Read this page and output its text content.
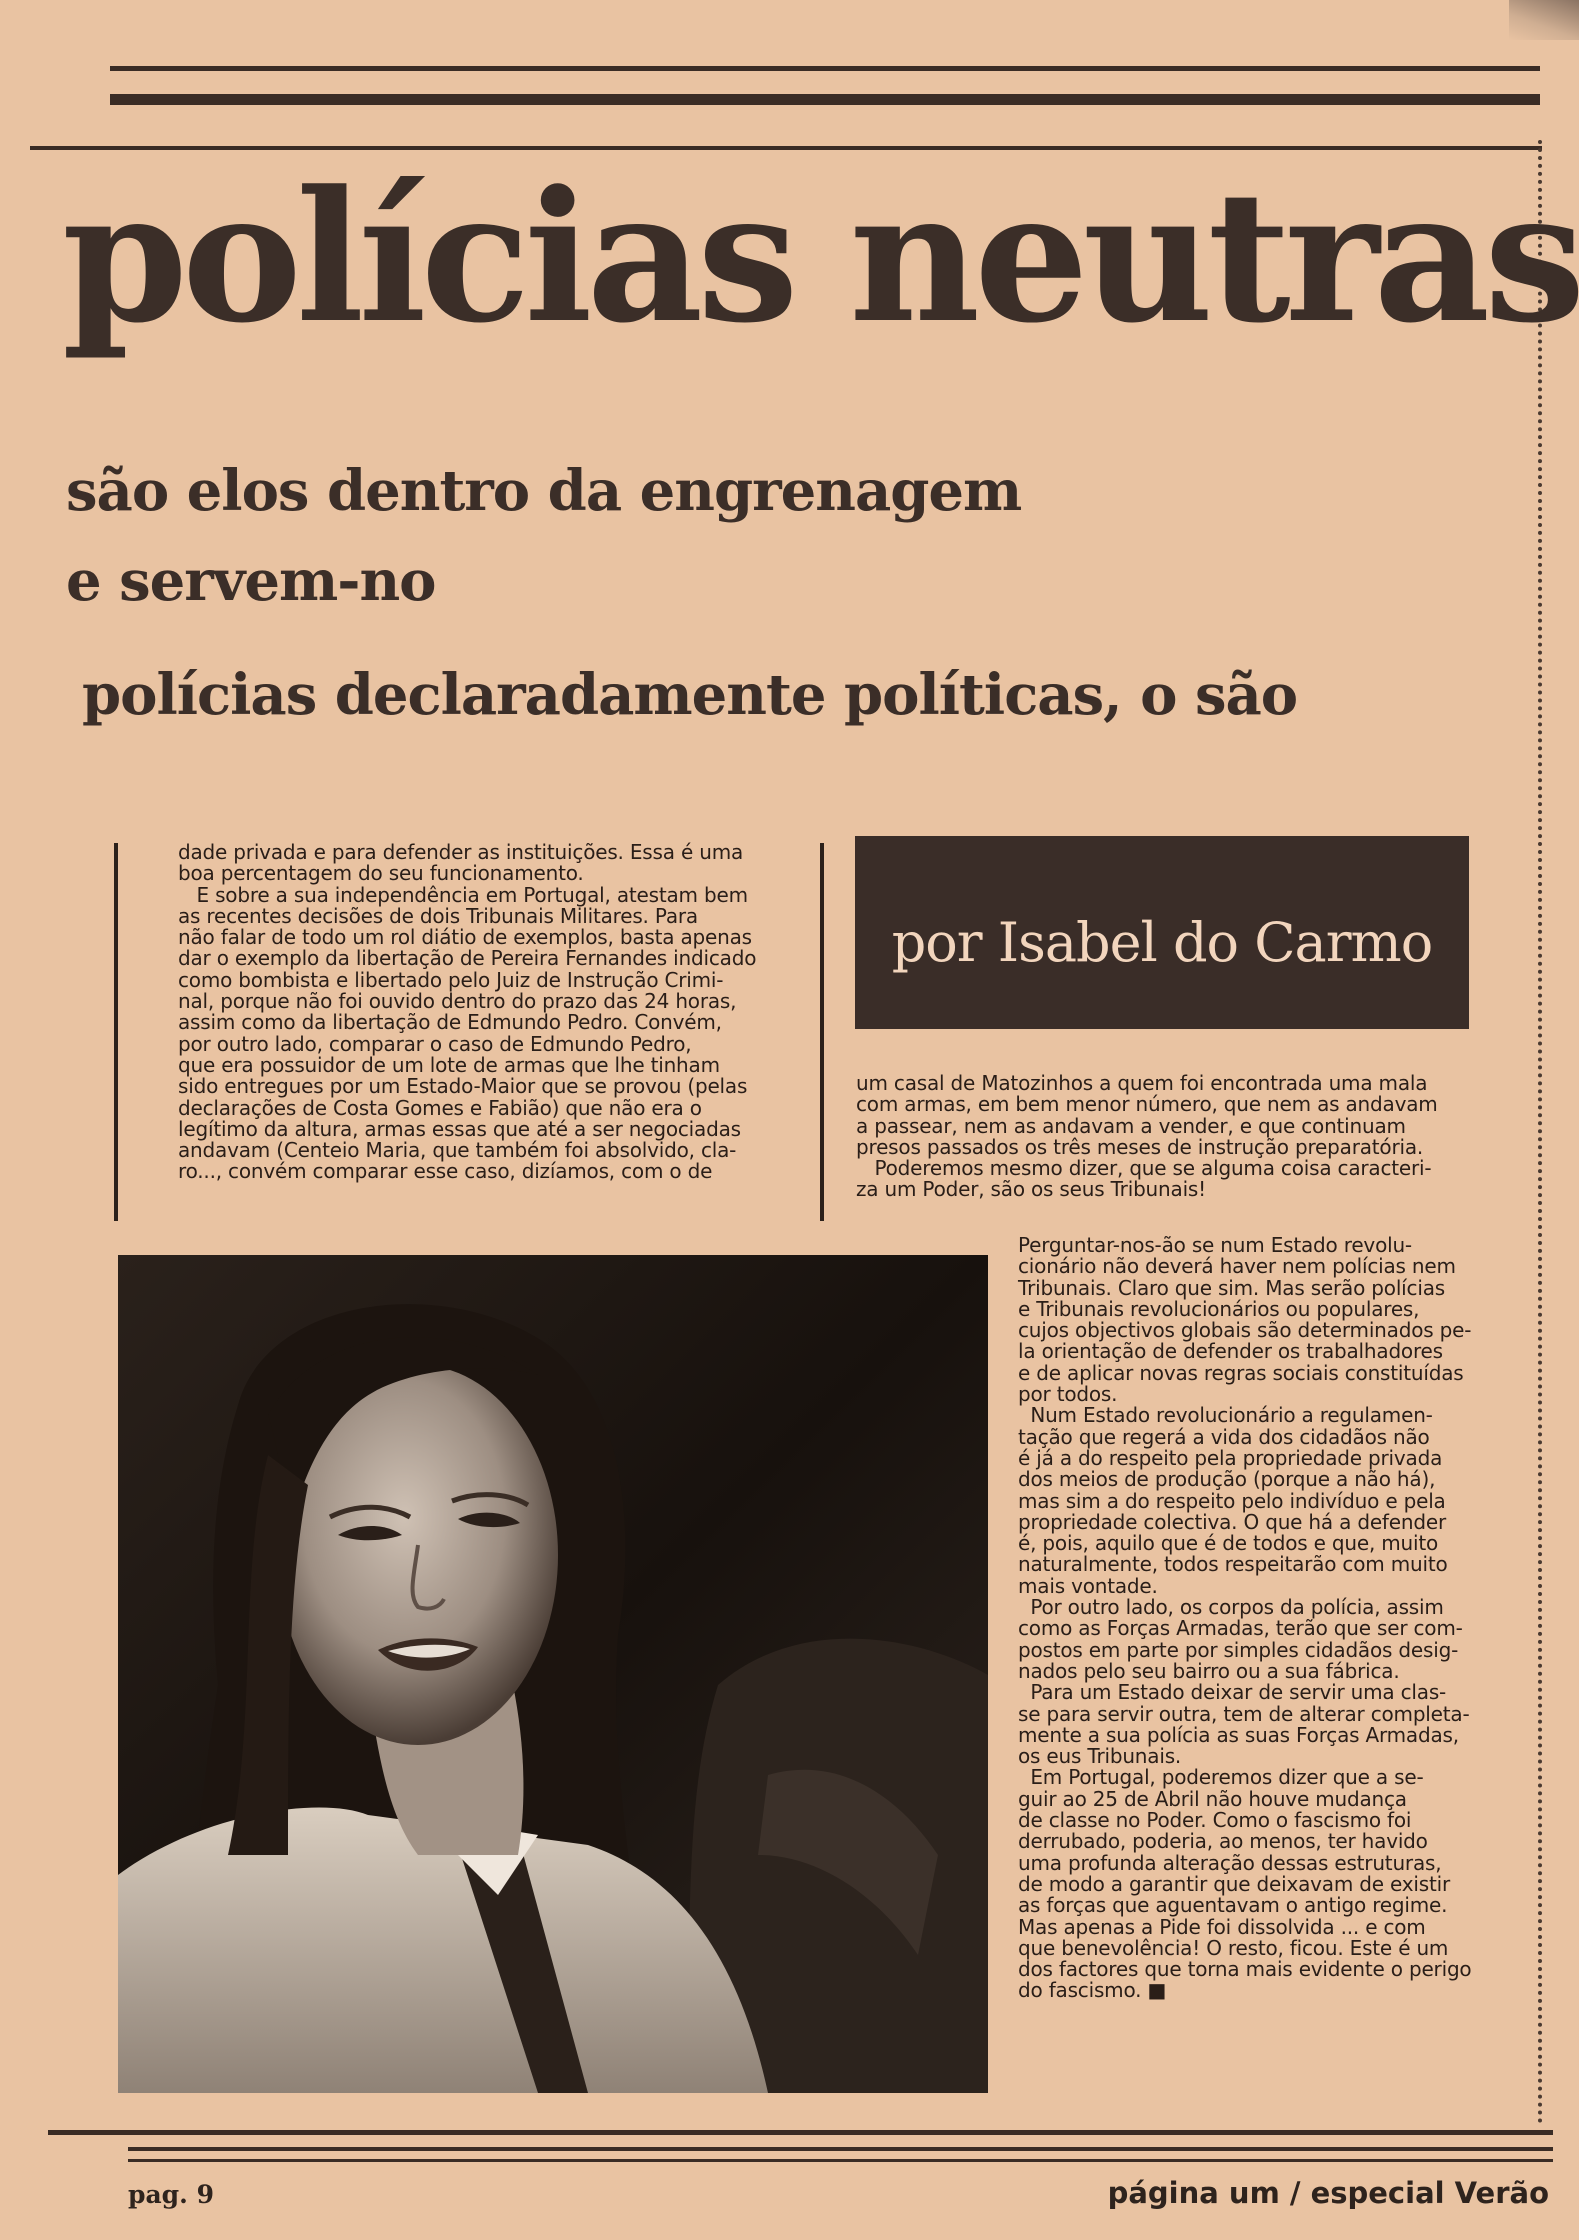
polícias neutras
são elos dentro da engrenagem
e servem-no
polícias declaradamente políticas, o são

dade privada e para defender as instituições. Essa é uma
boa percentagem do seu funcionamento.
E sobre a sua independência em Portugal, atestam bem
as recentes decisões de dois Tribunais Militares. Para
não falar de todo um rol diátio de exemplos, basta apenas
dar o exemplo da libertação de Pereira Fernandes indicado
como bombista e libertado pelo Juiz de Instrução Crimi-
nal, porque não foi ouvido dentro do prazo das 24 horas,
assim como da libertação de Edmundo Pedro. Convém,
por outro lado, comparar o caso de Edmundo Pedro,
que era possuidor de um lote de armas que lhe tinham
sido entregues por um Estado-Maior que se provou (pelas
declarações de Costa Gomes e Fabião) que não era o
legítimo da altura, armas essas que até a ser negociadas
andavam (Centeio Maria, que também foi absolvido, cla-
ro..., convém comparar esse caso, dizíamos, com o de

por Isabel do Carmo

um casal de Matozinhos a quem foi encontrada uma mala
com armas, em bem menor número, que nem as andavam
a passear, nem as andavam a vender, e que continuam
presos passados os três meses de instrução preparatória.
Poderemos mesmo dizer, que se alguma coisa caracteri-
za um Poder, são os seus Tribunais!

Perguntar-nos-ão se num Estado revolu-
cionário não deverá haver nem polícias nem
Tribunais. Claro que sim. Mas serão polícias
e Tribunais revolucionários ou populares,
cujos objectivos globais são determinados pe-
la orientação de defender os trabalhadores
e de aplicar novas regras sociais constituídas
por todos.
Num Estado revolucionário a regulamen-
tação que regerá a vida dos cidadãos não
é já a do respeito pela propriedade privada
dos meios de produção (porque a não há),
mas sim a do respeito pelo indivíduo e pela
propriedade colectiva. O que há a defender
é, pois, aquilo que é de todos e que, muito
naturalmente, todos respeitarão com muito
mais vontade.
Por outro lado, os corpos da polícia, assim
como as Forças Armadas, terão que ser com-
postos em parte por simples cidadãos desig-
nados pelo seu bairro ou a sua fábrica.
Para um Estado deixar de servir uma clas-
se para servir outra, tem de alterar completa-
mente a sua polícia as suas Forças Armadas,
os eus Tribunais.
Em Portugal, poderemos dizer que a se-
guir ao 25 de Abril não houve mudança
de classe no Poder. Como o fascismo foi
derrubado, poderia, ao menos, ter havido
uma profunda alteração dessas estruturas,
de modo a garantir que deixavam de existir
as forças que aguentavam o antigo regime.
Mas apenas a Pide foi dissolvida ... e com
que benevolência! O resto, ficou. Este é um
dos factores que torna mais evidente o perigo
do fascismo. ■

pag. 9	página um / especial Verão
